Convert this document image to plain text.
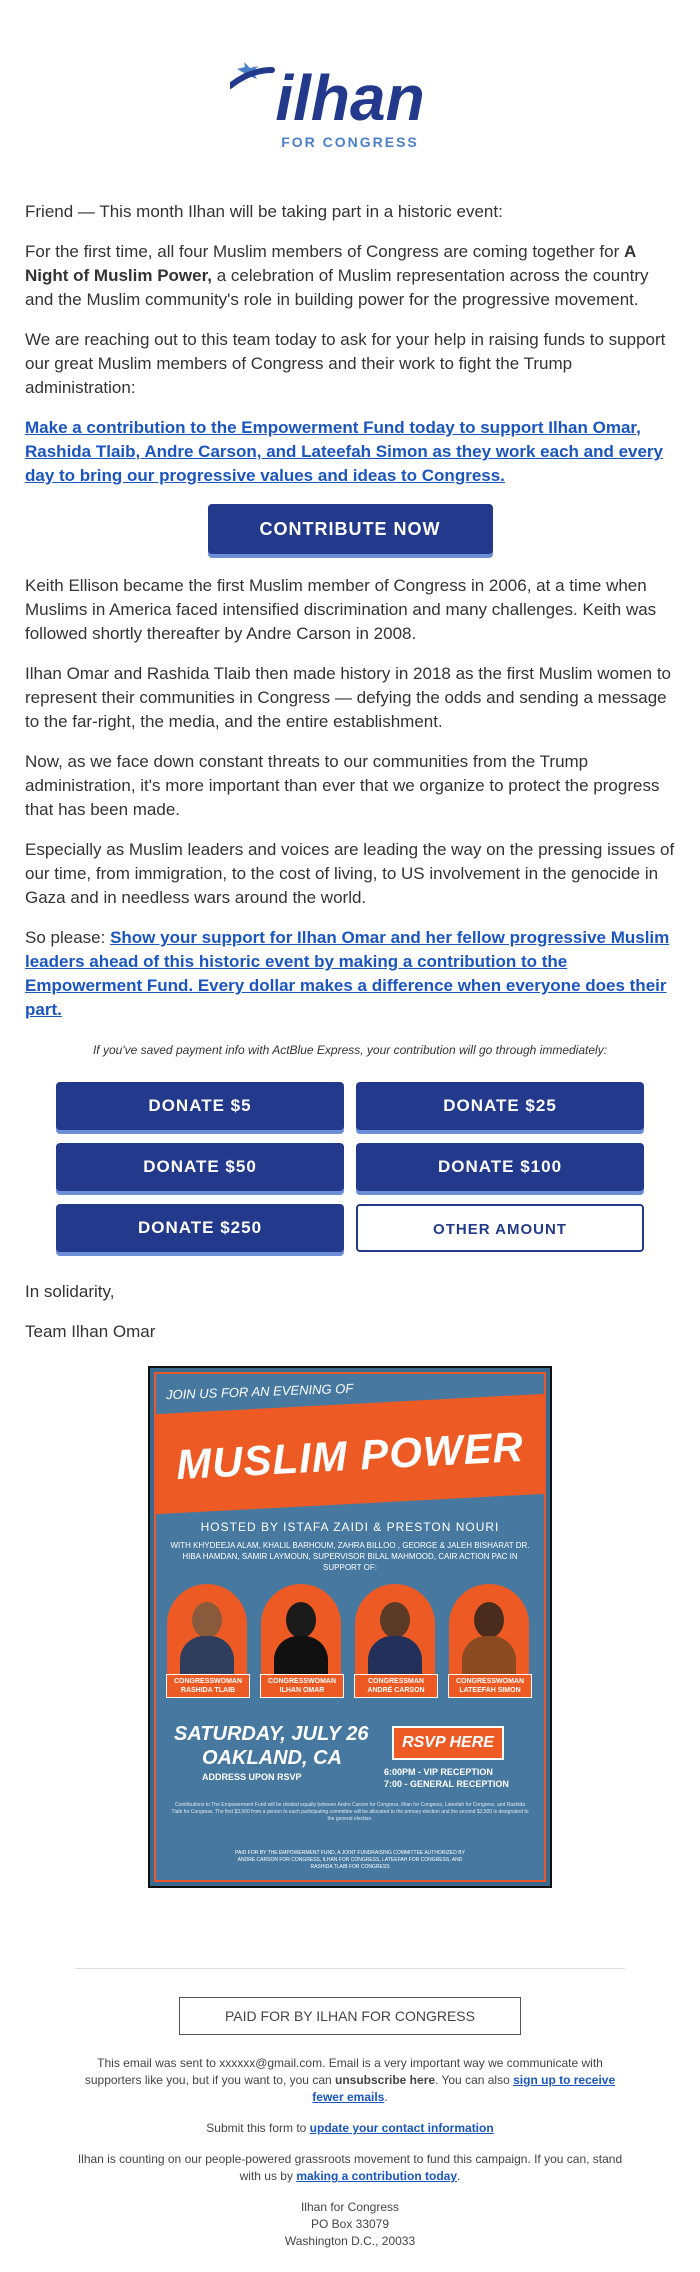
ilhan
FOR CONGRESS

Friend — This month Ilhan will be taking part in a historic event:

For the first time, all four Muslim members of Congress are coming together for A Night of Muslim Power, a celebration of Muslim representation across the country and the Muslim community's role in building power for the progressive movement.

We are reaching out to this team today to ask for your help in raising funds to support our great Muslim members of Congress and their work to fight the Trump administration:

Make a contribution to the Empowerment Fund today to support Ilhan Omar, Rashida Tlaib, Andre Carson, and Lateefah Simon as they work each and every day to bring our progressive values and ideas to Congress.

CONTRIBUTE NOW

Keith Ellison became the first Muslim member of Congress in 2006, at a time when Muslims in America faced intensified discrimination and many challenges. Keith was followed shortly thereafter by Andre Carson in 2008.

Ilhan Omar and Rashida Tlaib then made history in 2018 as the first Muslim women to represent their communities in Congress — defying the odds and sending a message to the far-right, the media, and the entire establishment.

Now, as we face down constant threats to our communities from the Trump administration, it's more important than ever that we organize to protect the progress that has been made.

Especially as Muslim leaders and voices are leading the way on the pressing issues of our time, from immigration, to the cost of living, to US involvement in the genocide in Gaza and in needless wars around the world.

So please: Show your support for Ilhan Omar and her fellow progressive Muslim leaders ahead of this historic event by making a contribution to the Empowerment Fund. Every dollar makes a difference when everyone does their part.

If you've saved payment info with ActBlue Express, your contribution will go through immediately:
DONATE $5	DONATE $25
DONATE $50	DONATE $100
DONATE $250	OTHER AMOUNT

In solidarity,

Team Ilhan Omar

JOIN US FOR AN EVENING OF
MUSLIM POWER
HOSTED BY ISTAFA ZAIDI & PRESTON NOURI
WITH KHYDEEJA ALAM, KHALIL BARHOUM, ZAHRA BILLOO , GEORGE & JALEH BISHARAT DR. HIBA HAMDAN, SAMIR LAYMOUN, SUPERVISOR BILAL MAHMOOD, CAIR ACTION PAC IN SUPPORT OF:
CONGRESSWOMAN
RASHIDA TLAIB
CONGRESSWOMAN
ILHAN OMAR
CONGRESSMAN
ANDRÉ CARSON
CONGRESSWOMAN
LATEEFAH SIMON
SATURDAY, JULY 26
OAKLAND, CA
ADDRESS UPON RSVP
RSVP HERE
6:00PM - VIP RECEPTION
7:00 - GENERAL RECEPTION
Contributions to The Empowerment Fund will be divided equally between Andre Carson for Congress, Ilhan for Congress, Lateefah for Congress, and Rashida Tlaib for Congress. The first $3,500 from a person to each participating committee will be allocated to the primary election and the second $3,500 is designated to the general election.
PAID FOR BY THE EMPOWERMENT FUND, A JOINT FUNDRAISING COMMITTEE AUTHORIZED BY ANDRE CARSON FOR CONGRESS, ILHAN FOR CONGRESS, LATEEFAH FOR CONGRESS, AND RASHIDA TLAIB FOR CONGRESS
PAID FOR BY ILHAN FOR CONGRESS

This email was sent to xxxxxx@gmail.com. Email is a very important way we communicate with supporters like you, but if you want to, you can unsubscribe here. You can also sign up to receive fewer emails.

Submit this form to update your contact information

Ilhan is counting on our people-powered grassroots movement to fund this campaign. If you can, stand with us by making a contribution today.

Ilhan for Congress
PO Box 33079
Washington D.C., 20033
